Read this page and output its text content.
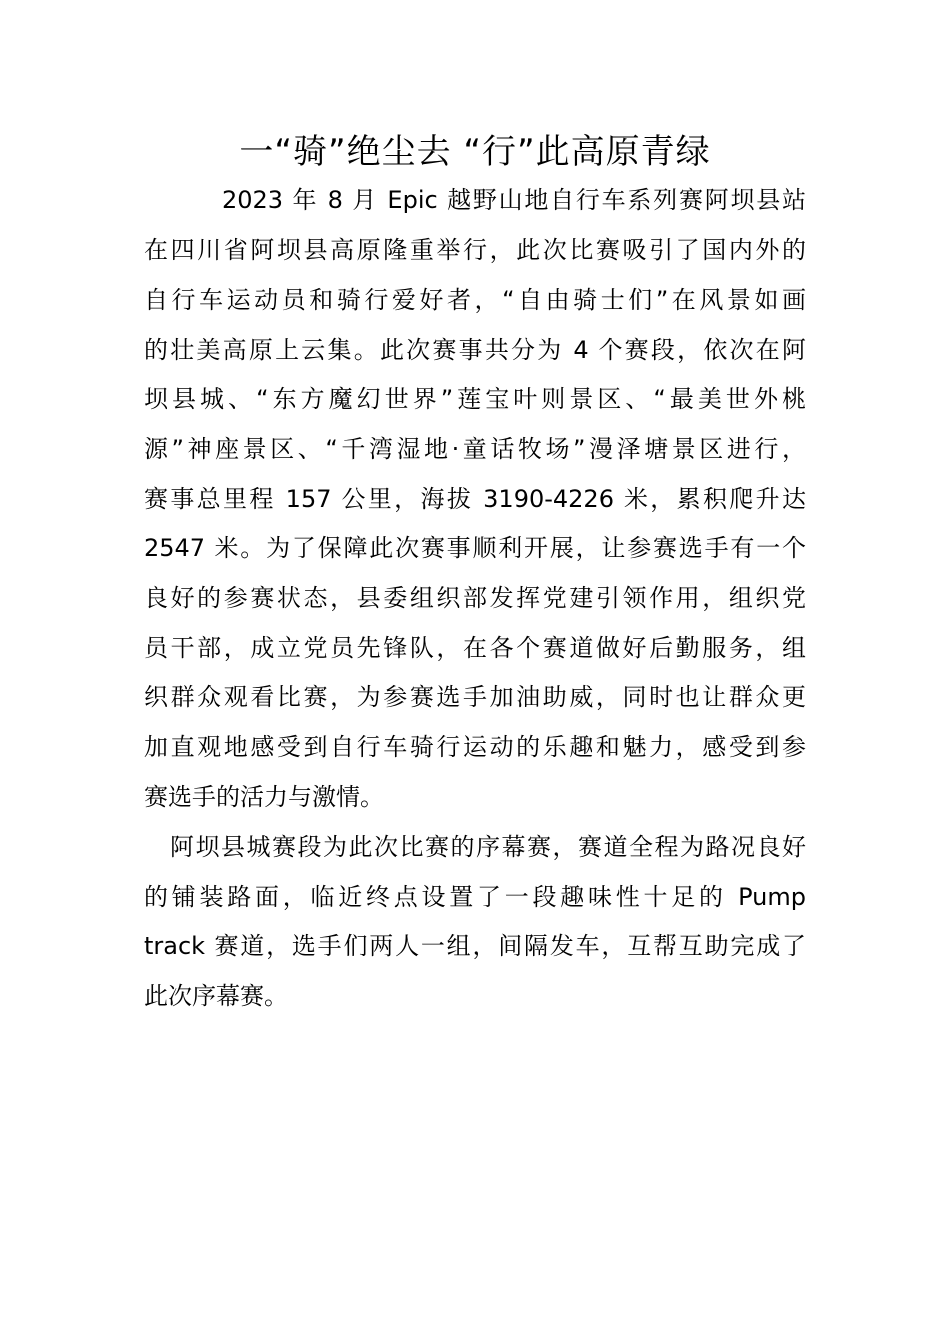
一“骑”绝尘去 “行”此高原青绿
2023 年 8 月 Epic 越野山地自行车系列赛阿坝县站
在四川省阿坝县高原隆重举行，此次比赛吸引了国内外的
自行车运动员和骑行爱好者，“自由骑士们”在风景如画
的壮美高原上云集。此次赛事共分为 4 个赛段，依次在阿
坝县城、“东方魔幻世界”莲宝叶则景区、“最美世外桃
源”神座景区、“千湾湿地·童话牧场”漫泽塘景区进行，
赛事总里程 157 公里，海拔 3190-4226 米，累积爬升达
2547 米。为了保障此次赛事顺利开展，让参赛选手有一个
良好的参赛状态，县委组织部发挥党建引领作用，组织党
员干部，成立党员先锋队，在各个赛道做好后勤服务，组
织群众观看比赛，为参赛选手加油助威，同时也让群众更
加直观地感受到自行车骑行运动的乐趣和魅力，感受到参
赛选手的活力与激情。
阿坝县城赛段为此次比赛的序幕赛，赛道全程为路况良好
的铺装路面，临近终点设置了一段趣味性十足的 Pump
track 赛道，选手们两人一组，间隔发车，互帮互助完成了
此次序幕赛。
